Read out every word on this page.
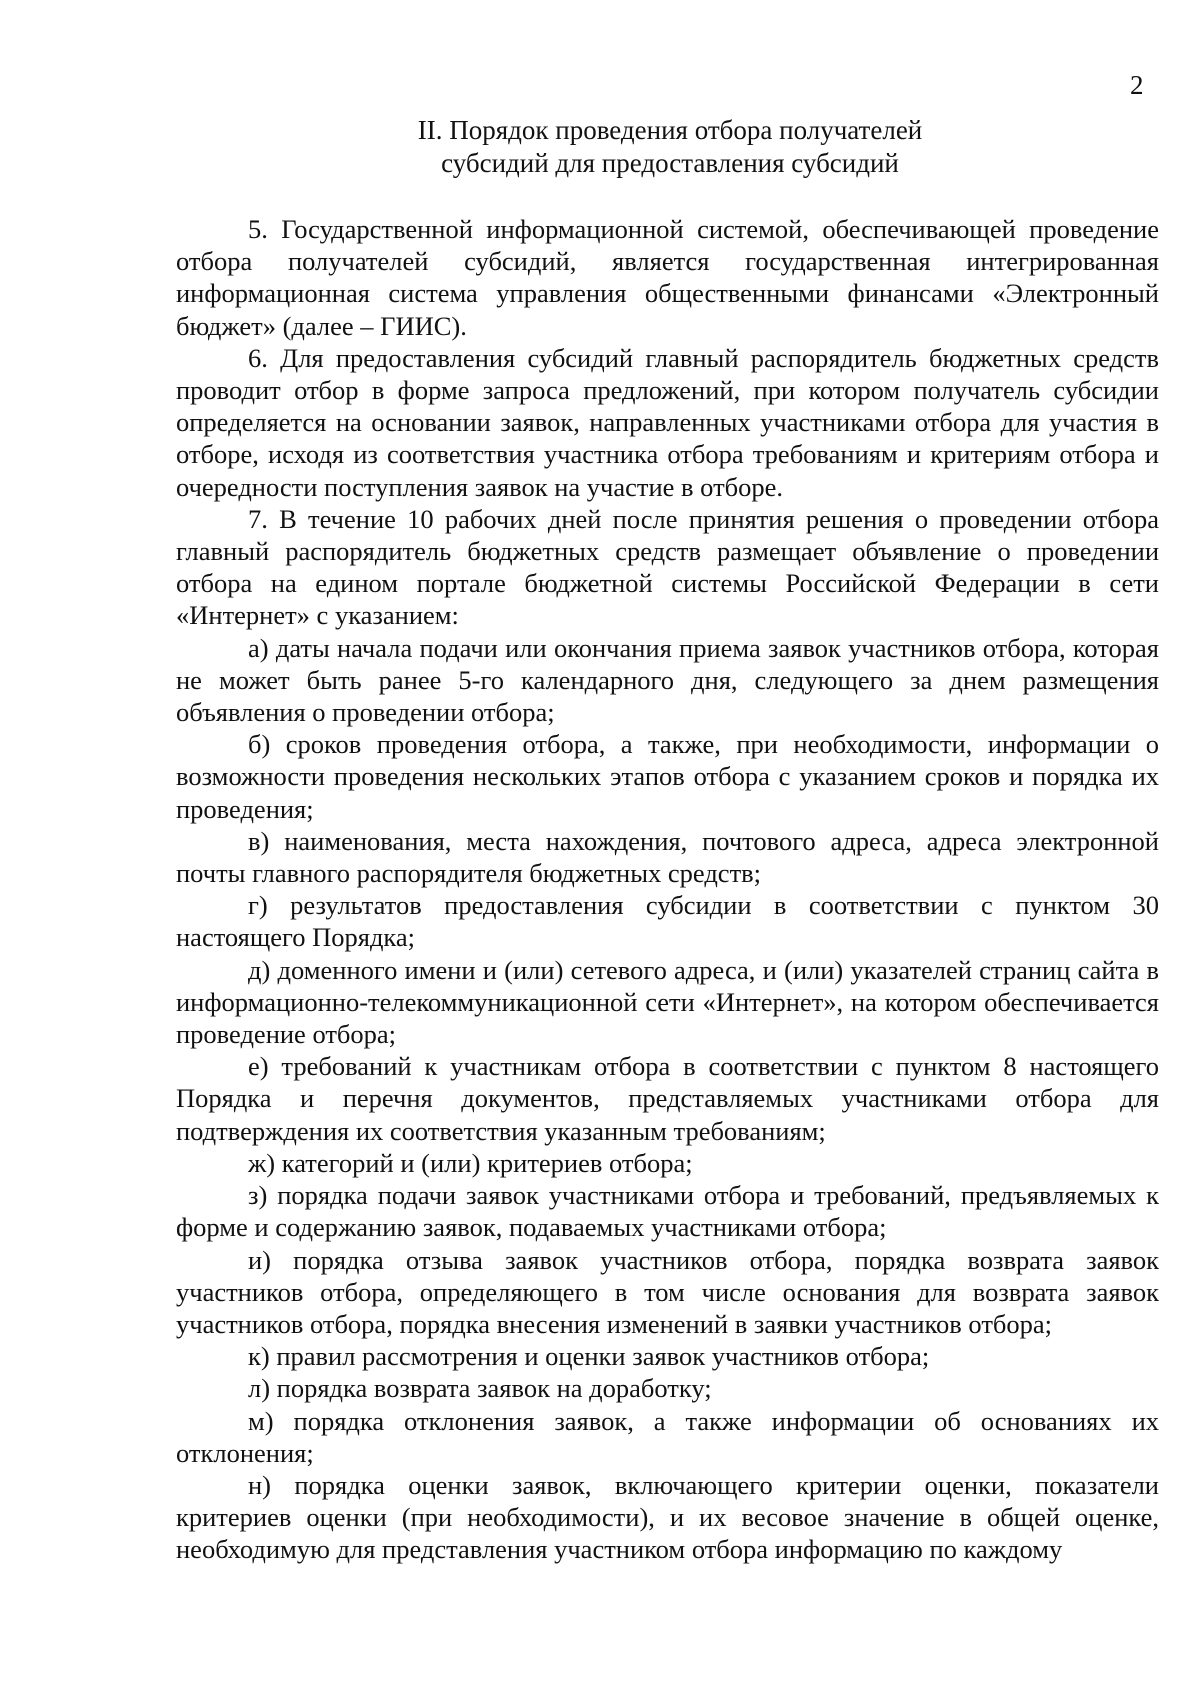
2
II. Порядок проведения отбора получателей
субсидий для предоставления субсидий

5. Государственной информационной системой, обеспечивающей проведение отбора получателей субсидий, является государственная интегрированная информационная система управления общественными финансами «Электронный бюджет» (далее – ГИИС).

6. Для предоставления субсидий главный распорядитель бюджетных средств проводит отбор в форме запроса предложений, при котором получатель субсидии определяется на основании заявок, направленных участниками отбора для участия в отборе, исходя из соответствия участника отбора требованиям и критериям отбора и очередности поступления заявок на участие в отборе.

7. В течение 10 рабочих дней после принятия решения о проведении отбора главный распорядитель бюджетных средств размещает объявление о проведении отбора на едином портале бюджетной системы Российской Федерации в сети «Интернет» с указанием:

а) даты начала подачи или окончания приема заявок участников отбора, которая не может быть ранее 5-го календарного дня, следующего за днем размещения объявления о проведении отбора;

б) сроков проведения отбора, а также, при необходимости, информации о возможности проведения нескольких этапов отбора с указанием сроков и порядка их проведения;

в) наименования, места нахождения, почтового адреса, адреса электронной почты главного распорядителя бюджетных средств;

г) результатов предоставления субсидии в соответствии с пунктом 30 настоящего Порядка;

д) доменного имени и (или) сетевого адреса, и (или) указателей страниц сайта в информационно-телекоммуникационной сети «Интернет», на котором обеспечивается проведение отбора;

е) требований к участникам отбора в соответствии с пунктом 8 настоящего Порядка и перечня документов, представляемых участниками отбора для подтверждения их соответствия указанным требованиям;

ж) категорий и (или) критериев отбора;

з) порядка подачи заявок участниками отбора и требований, предъявляемых к форме и содержанию заявок, подаваемых участниками отбора;

и) порядка отзыва заявок участников отбора, порядка возврата заявок участников отбора, определяющего в том числе основания для возврата заявок участников отбора, порядка внесения изменений в заявки участников отбора;

к) правил рассмотрения и оценки заявок участников отбора;

л) порядка возврата заявок на доработку;

м) порядка отклонения заявок, а также информации об основаниях их отклонения;

н) порядка оценки заявок, включающего критерии оценки, показатели критериев оценки (при необходимости), и их весовое значение в общей оценке, необходимую для представления участником отбора информацию по каждому
